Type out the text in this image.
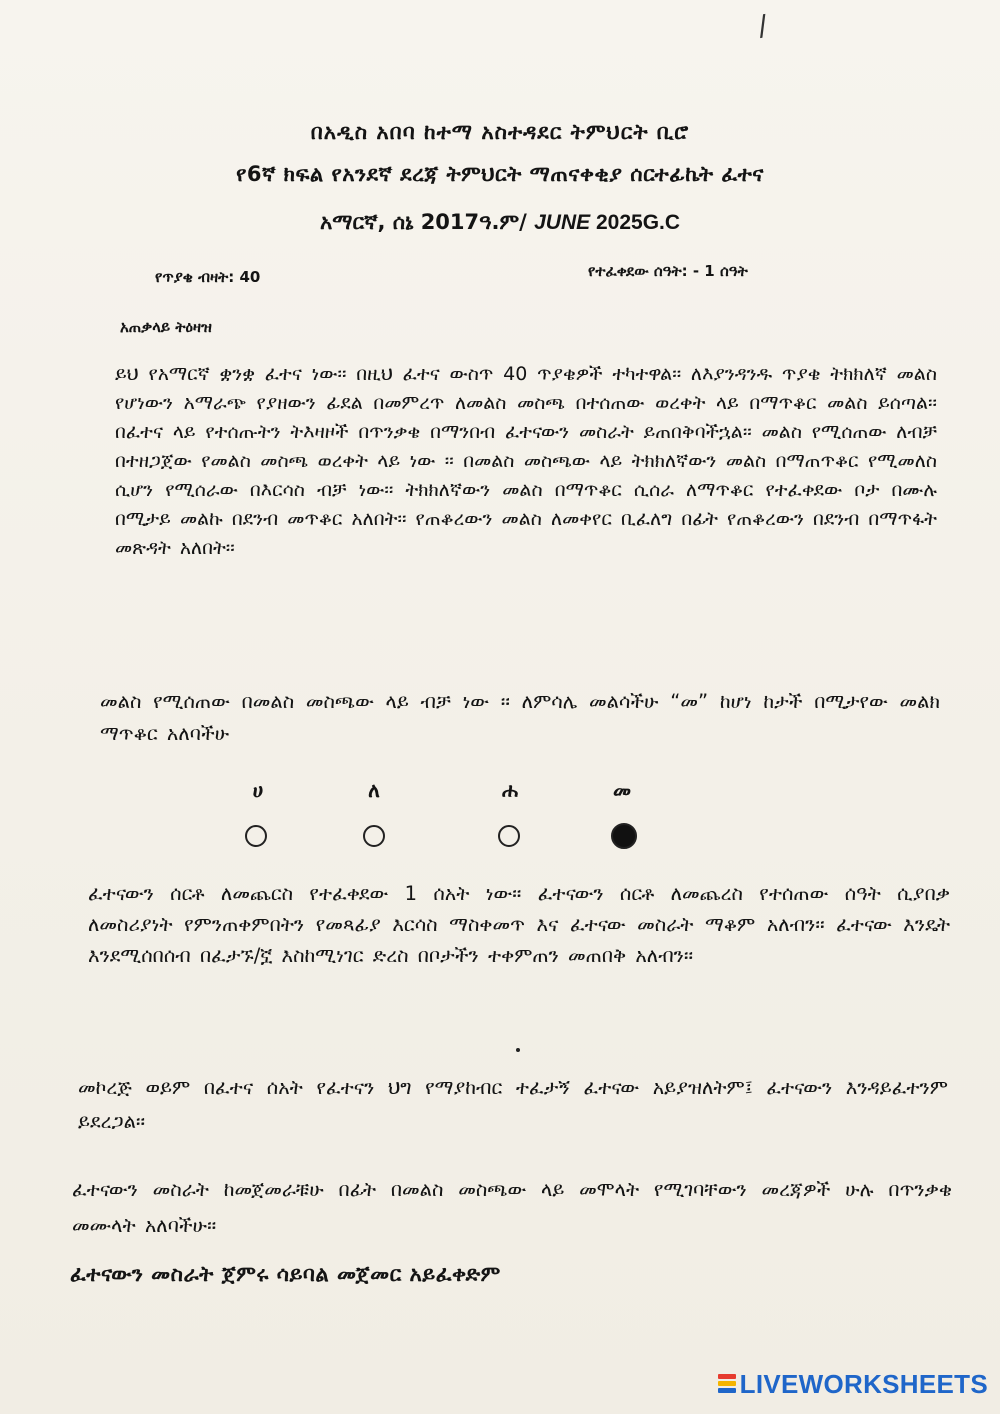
/
በአዲስ አበባ ከተማ አስተዳደር ትምህርት ቢሮ
የ6ኛ ክፍል የአንደኛ ደረጃ ትምህርት ማጠናቀቂያ ሰርተፊኬት ፈተና
አማርኛ, ሰኔ 2017ዓ.ም/ JUNE 2025G.C
የጥያቄ ብዛት: 40	የተፈቀደው ሰዓት: - 1 ሰዓት
አጠቃላይ ትዕዛዝ
ይህ የአማርኛ ቋንቋ ፈተና ነው፡፡ በዚህ ፈተና ውስጥ 40 ጥያቄዎች ተካተዋል፡፡ ለእያንዳንዱ ጥያቄ ትክክለኛ መልስ የሆነውን አማራጭ የያዘውን ፊደል በመምረጥ ለመልስ መስጫ በተሰጠው ወረቀት ላይ በማጥቆር መልስ ይሰጣል፡፡ በፈተና ላይ የተሰጡትን ትእዛዞች በጥንቃቄ በማንበብ ፈተናውን መስራት ይጠበቅባችኋል፡፡ መልስ የሚሰጠው ለብቻ በተዘጋጀው የመልስ መስጫ ወረቀት ላይ ነው ፡፡ በመልስ መስጫው ላይ ትክክለኛውን መልስ በማጠጥቆር የሚመለስ ሲሆን የሚሰራው በእርሳስ ብቻ ነው፡፡ ትክክለኛውን መልስ በማጥቆር ሲሰራ ለማጥቆር የተፈቀደው ቦታ በሙሉ በሚታይ መልኩ በደንብ መጥቆር አለበት፡፡ የጠቆረውን መልስ ለመቀየር ቢፈለግ በፊት የጠቆረውን በደንብ በማጥፋት መጽዳት አለበት፡፡
መልስ የሚሰጠው በመልስ መስጫው ላይ ብቻ ነው ፡፡ ለምሳሌ መልሳችሁ “መ” ከሆነ ከታች በሚታየው መልክ ማጥቆር አለባችሁ
ሀ	ለ	ሐ	መ
ፈተናውን ሰርቶ ለመጨርስ የተፈቀደው 1 ሰአት ነው፡፡ ፈተናውን ሰርቶ ለመጨረስ የተሰጠው ሰዓት ሲያበቃ ለመስሪያነት የምንጠቀምበትን የመጻፊያ እርሳስ ማስቀመጥ እና ፈተናው መስራት ማቆም አለብን፡፡ ፈተናው እንዴት እንደሚሰበሰብ በፈታኙ/ኟ እስከሚነገር ድረስ በቦታችን ተቀምጠን መጠበቅ አለብን፡፡
መኮረጅ ወይም በፈተና ሰአት የፈተናን ህግ የማያከብር ተፈታኝ ፈተናው አይያዝለትም፤ ፈተናውን እንዳይፈተንም ይደረጋል፡፡
ፈተናውን መስራት ከመጀመራቹሁ በፊት በመልስ መስጫው ላይ መሞላት የሚገባቸውን መረጃዎች ሁሉ በጥንቃቄ መሙላት አለባችሁ፡፡
ፈተናውን መስራት ጀምሩ ሳይባል መጀመር አይፈቀድም
LIVEWORKSHEETS
